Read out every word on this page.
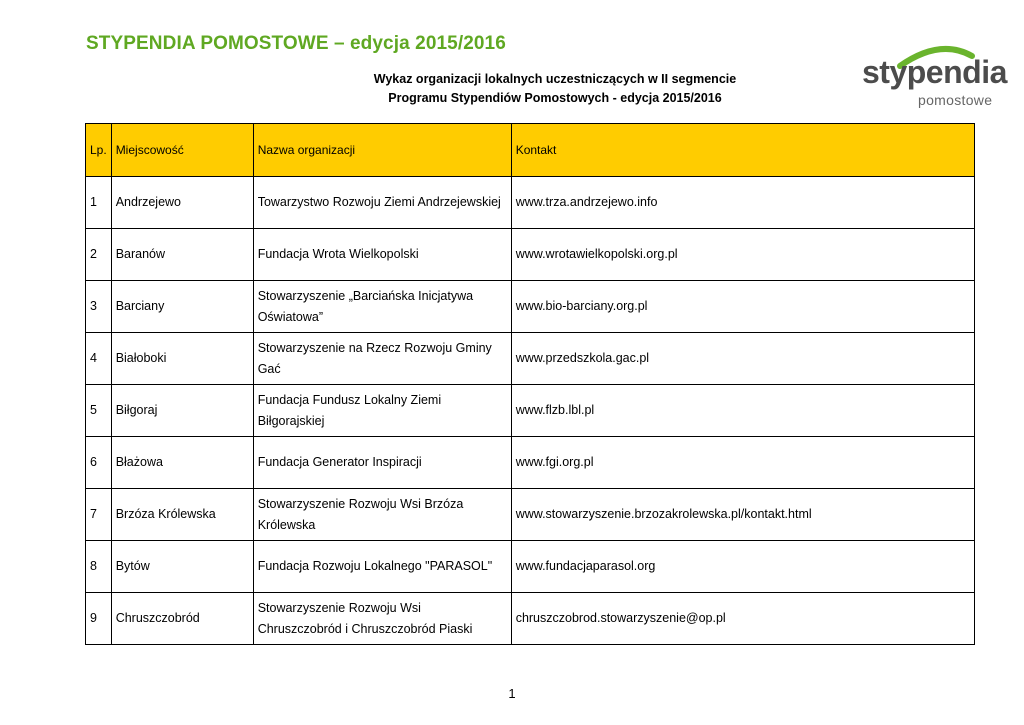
STYPENDIA POMOSTOWE – edycja 2015/2016
stypendia
pomostowe
Wykaz organizacji lokalnych uczestniczących w II segmencie
Programu Stypendiów Pomostowych - edycja 2015/2016
Lp.	Miejscowość	Nazwa organizacji	Kontakt
1	Andrzejewo	Towarzystwo Rozwoju Ziemi Andrzejewskiej	www.trza.andrzejewo.info
2	Baranów	Fundacja Wrota Wielkopolski	www.wrotawielkopolski.org.pl
3	Barciany	Stowarzyszenie „Barciańska Inicjatywa Oświatowa”	www.bio-barciany.org.pl
4	Białoboki	Stowarzyszenie na Rzecz Rozwoju Gminy Gać	www.przedszkola.gac.pl
5	Biłgoraj	Fundacja Fundusz Lokalny Ziemi Biłgorajskiej	www.flzb.lbl.pl
6	Błażowa	Fundacja Generator Inspiracji	www.fgi.org.pl
7	Brzóza Królewska	Stowarzyszenie Rozwoju Wsi Brzóza Królewska	www.stowarzyszenie.brzozakrolewska.pl/kontakt.html
8	Bytów	Fundacja Rozwoju Lokalnego "PARASOL"	www.fundacjaparasol.org
9	Chruszczobród	Stowarzyszenie Rozwoju Wsi Chruszczobród i Chruszczobród Piaski	chruszczobrod.stowarzyszenie@op.pl
1
